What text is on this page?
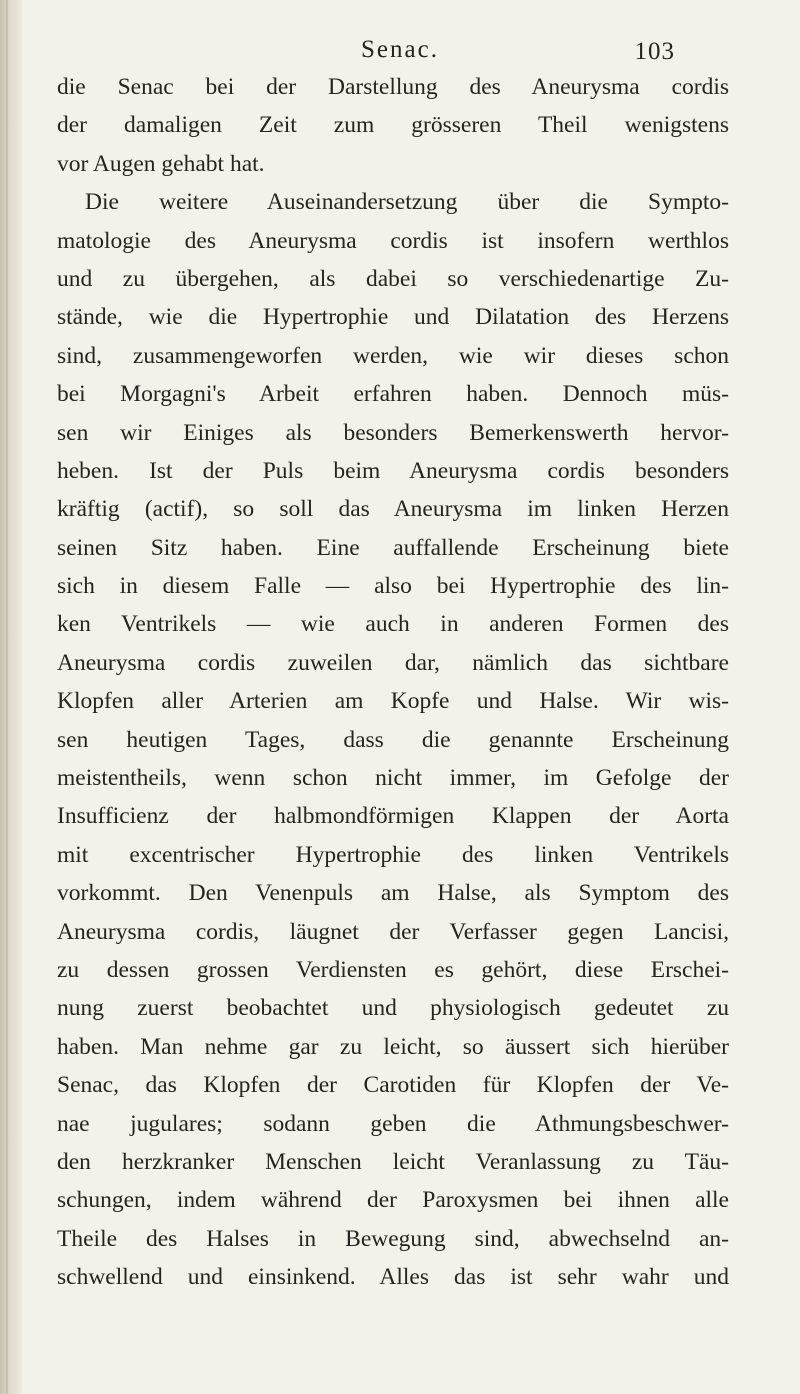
Senac.	103
die Senac bei der Darstellung des Aneurysma cordis
der damaligen Zeit zum grösseren Theil wenigstens
vor Augen gehabt hat.
Die weitere Auseinandersetzung über die Sympto-
matologie des Aneurysma cordis ist insofern werthlos
und zu übergehen, als dabei so verschiedenartige Zu-
stände, wie die Hypertrophie und Dilatation des Herzens
sind, zusammengeworfen werden, wie wir dieses schon
bei Morgagni's Arbeit erfahren haben. Dennoch müs-
sen wir Einiges als besonders Bemerkenswerth hervor-
heben. Ist der Puls beim Aneurysma cordis besonders
kräftig (actif), so soll das Aneurysma im linken Herzen
seinen Sitz haben. Eine auffallende Erscheinung biete
sich in diesem Falle — also bei Hypertrophie des lin-
ken Ventrikels — wie auch in anderen Formen des
Aneurysma cordis zuweilen dar, nämlich das sichtbare
Klopfen aller Arterien am Kopfe und Halse. Wir wis-
sen heutigen Tages, dass die genannte Erscheinung
meistentheils, wenn schon nicht immer, im Gefolge der
Insufficienz der halbmondförmigen Klappen der Aorta
mit excentrischer Hypertrophie des linken Ventrikels
vorkommt. Den Venenpuls am Halse, als Symptom des
Aneurysma cordis, läugnet der Verfasser gegen Lancisi,
zu dessen grossen Verdiensten es gehört, diese Erschei-
nung zuerst beobachtet und physiologisch gedeutet zu
haben. Man nehme gar zu leicht, so äussert sich hierüber
Senac, das Klopfen der Carotiden für Klopfen der Ve-
nae jugulares; sodann geben die Athmungsbeschwer-
den herzkranker Menschen leicht Veranlassung zu Täu-
schungen, indem während der Paroxysmen bei ihnen alle
Theile des Halses in Bewegung sind, abwechselnd an-
schwellend und einsinkend. Alles das ist sehr wahr und
